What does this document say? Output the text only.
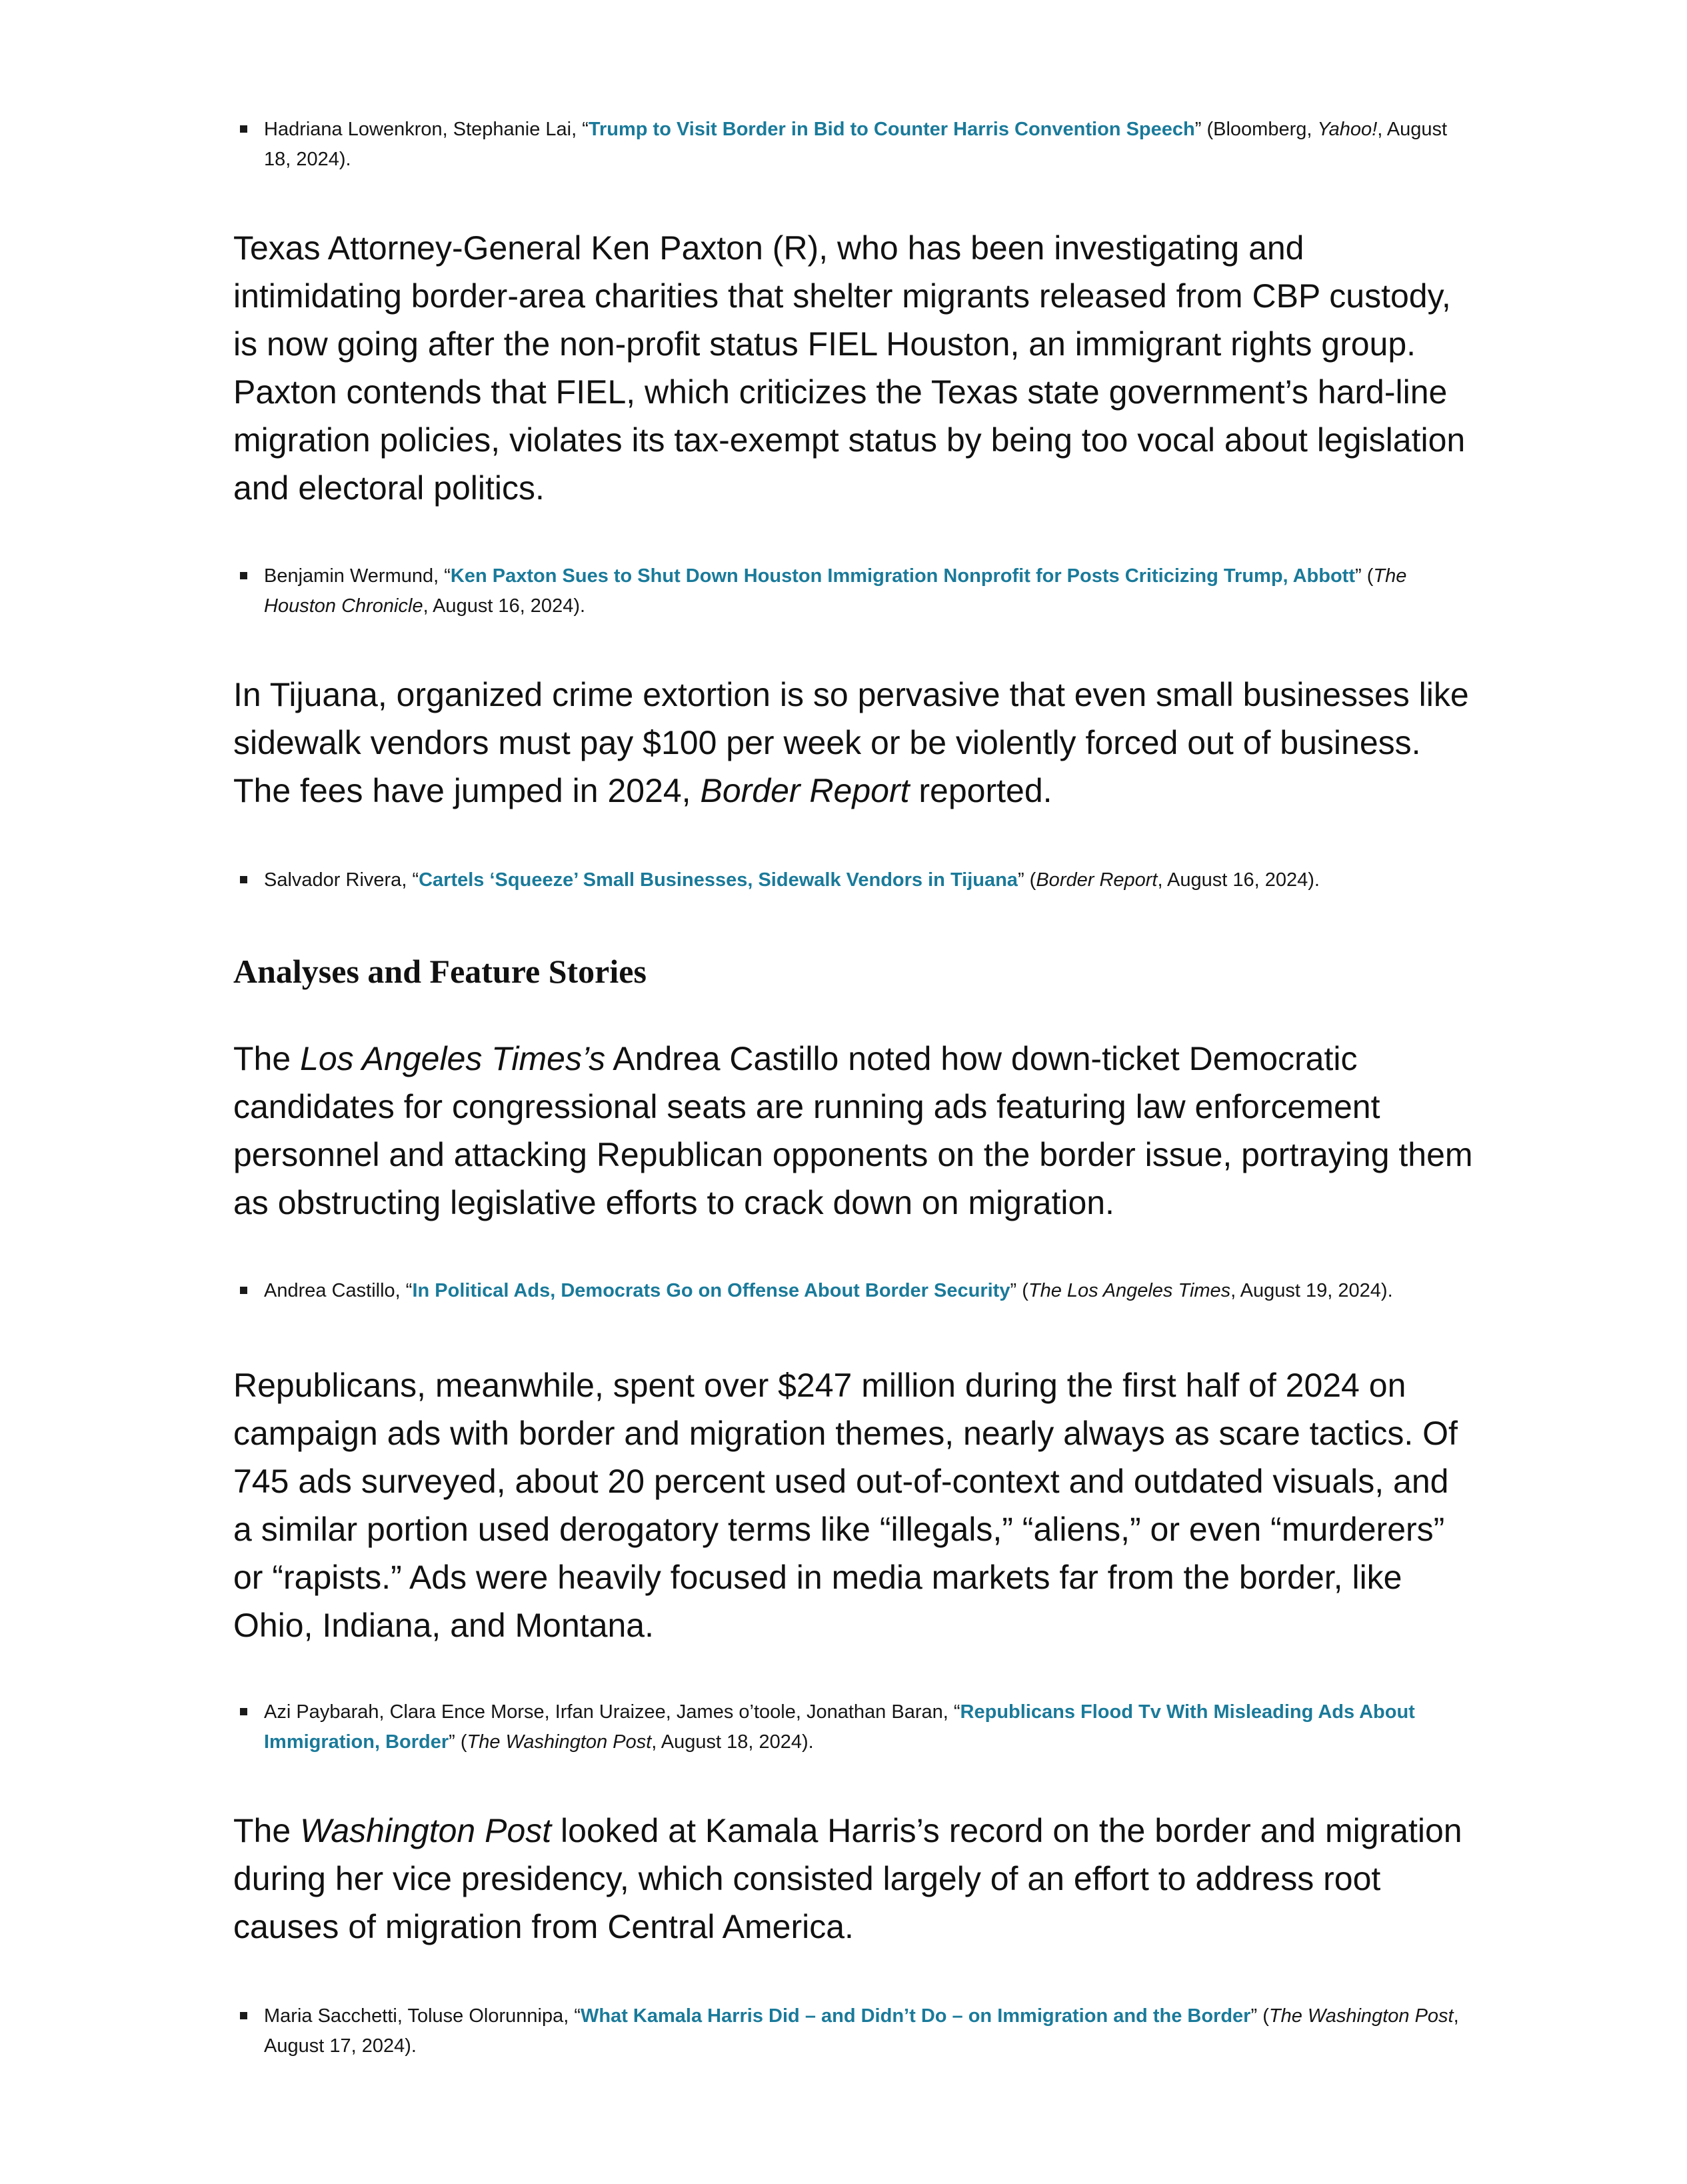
Hadriana Lowenkron, Stephanie Lai, “Trump to Visit Border in Bid to Counter Harris Convention Speech” (Bloomberg, Yahoo!, August 18, 2024).
Texas Attorney-General Ken Paxton (R), who has been investigating and intimidating border-area charities that shelter migrants released from CBP custody, is now going after the non-profit status FIEL Houston, an immigrant rights group. Paxton contends that FIEL, which criticizes the Texas state government’s hard-line migration policies, violates its tax-exempt status by being too vocal about legislation and electoral politics.
Benjamin Wermund, “Ken Paxton Sues to Shut Down Houston Immigration Nonprofit for Posts Criticizing Trump, Abbott” (The Houston Chronicle, August 16, 2024).
In Tijuana, organized crime extortion is so pervasive that even small businesses like sidewalk vendors must pay $100 per week or be violently forced out of business. The fees have jumped in 2024, Border Report reported.
Salvador Rivera, “Cartels ‘Squeeze’ Small Businesses, Sidewalk Vendors in Tijuana” (Border Report, August 16, 2024).
Analyses and Feature Stories
The Los Angeles Times’s Andrea Castillo noted how down-ticket Democratic candidates for congressional seats are running ads featuring law enforcement personnel and attacking Republican opponents on the border issue, portraying them as obstructing legislative efforts to crack down on migration.
Andrea Castillo, “In Political Ads, Democrats Go on Offense About Border Security” (The Los Angeles Times, August 19, 2024).
Republicans, meanwhile, spent over $247 million during the first half of 2024 on campaign ads with border and migration themes, nearly always as scare tactics. Of 745 ads surveyed, about 20 percent used out-of-context and outdated visuals, and a similar portion used derogatory terms like “illegals,” “aliens,” or even “murderers” or “rapists.” Ads were heavily focused in media markets far from the border, like Ohio, Indiana, and Montana.
Azi Paybarah, Clara Ence Morse, Irfan Uraizee, James o’toole, Jonathan Baran, “Republicans Flood Tv With Misleading Ads About Immigration, Border” (The Washington Post, August 18, 2024).
The Washington Post looked at Kamala Harris’s record on the border and migration during her vice presidency, which consisted largely of an effort to address root causes of migration from Central America.
Maria Sacchetti, Toluse Olorunnipa, “What Kamala Harris Did – and Didn’t Do – on Immigration and the Border” (The Washington Post, August 17, 2024).
